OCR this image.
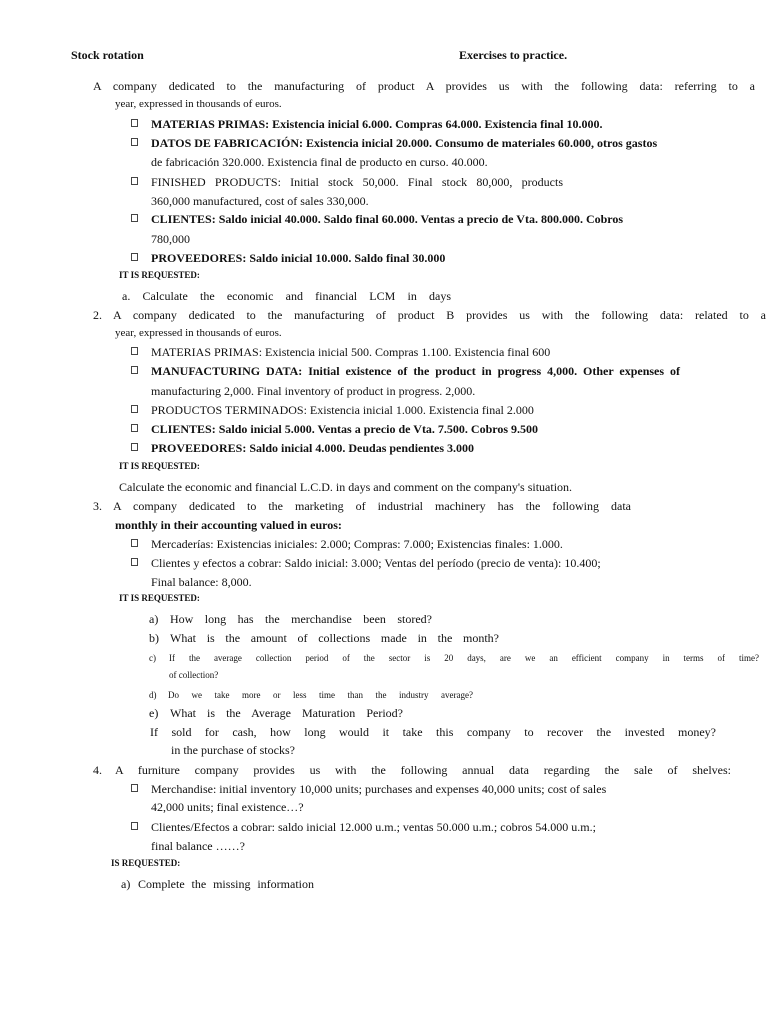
Stock rotation	Exercises to practice.
A company dedicated to the manufacturing of product A provides us with the following data: referring to a
year, expressed in thousands of euros.
MATERIAS PRIMAS: Existencia inicial 6.000. Compras 64.000. Existencia final 10.000.
DATOS DE FABRICACIÓN: Existencia inicial 20.000. Consumo de materiales 60.000, otros gastos
de fabricación 320.000. Existencia final de producto en curso. 40.000.
FINISHED PRODUCTS: Initial stock 50,000. Final stock 80,000, products
360,000 manufactured, cost of sales 330,000.
CLIENTES: Saldo inicial 40.000. Saldo final 60.000. Ventas a precio de Vta. 800.000. Cobros
780,000
PROVEEDORES: Saldo inicial 10.000. Saldo final 30.000
IT IS REQUESTED:
a. Calculate the economic and financial LCM in days
2. A company dedicated to the manufacturing of product B provides us with the following data: related to a
year, expressed in thousands of euros.
MATERIAS PRIMAS: Existencia inicial 500. Compras 1.100. Existencia final 600
MANUFACTURING DATA: Initial existence of the product in progress 4,000. Other expenses of
manufacturing 2,000. Final inventory of product in progress. 2,000.
PRODUCTOS TERMINADOS: Existencia inicial 1.000. Existencia final 2.000
CLIENTES: Saldo inicial 5.000. Ventas a precio de Vta. 7.500. Cobros 9.500
PROVEEDORES: Saldo inicial 4.000. Deudas pendientes 3.000
IT IS REQUESTED:
Calculate the economic and financial L.C.D. in days and comment on the company's situation.
3. A company dedicated to the marketing of industrial machinery has the following data
monthly in their accounting valued in euros:
Mercaderías: Existencias iniciales: 2.000; Compras: 7.000; Existencias finales: 1.000.
Clientes y efectos a cobrar: Saldo inicial: 3.000; Ventas del período (precio de venta): 10.400;
Final balance: 8,000.
IT IS REQUESTED:
a) How long has the merchandise been stored?
b) What is the amount of collections made in the month?
c) If the average collection period of the sector is 20 days, are we an efficient company in terms of time?
of collection?
d) Do we take more or less time than the industry average?
e) What is the Average Maturation Period?
If sold for cash, how long would it take this company to recover the invested money?
in the purchase of stocks?
4. A furniture company provides us with the following annual data regarding the sale of shelves:
Merchandise: initial inventory 10,000 units; purchases and expenses 40,000 units; cost of sales
42,000 units; final existence…?
Clientes/Efectos a cobrar: saldo inicial 12.000 u.m.; ventas 50.000 u.m.; cobros 54.000 u.m.;
final balance ……?
IS REQUESTED:
a) Complete the missing information
